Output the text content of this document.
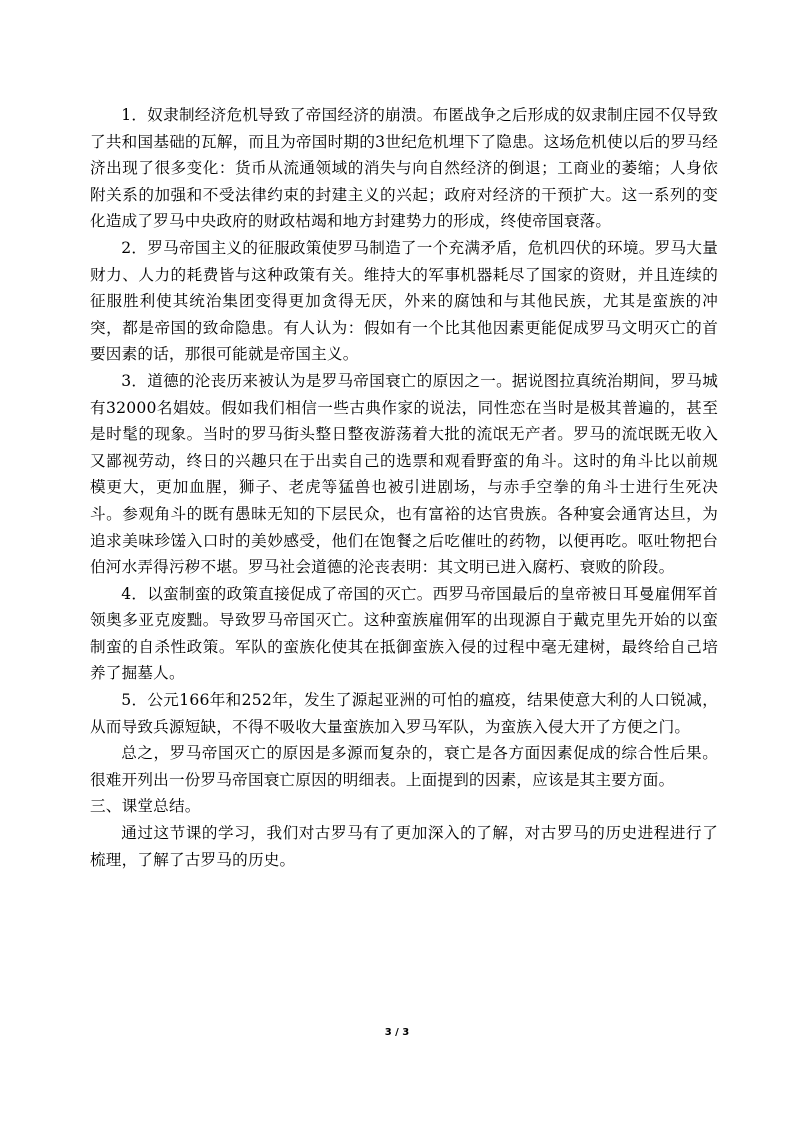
1．奴隶制经济危机导致了帝国经济的崩溃。布匿战争之后形成的奴隶制庄园不仅导致了共和国基础的瓦解，而且为帝国时期的3世纪危机埋下了隐患。这场危机使以后的罗马经济出现了很多变化：货币从流通领域的消失与向自然经济的倒退；工商业的萎缩；人身依附关系的加强和不受法律约束的封建主义的兴起；政府对经济的干预扩大。这一系列的变化造成了罗马中央政府的财政枯竭和地方封建势力的形成，终使帝国衰落。

2．罗马帝国主义的征服政策使罗马制造了一个充满矛盾，危机四伏的环境。罗马大量财力、人力的耗费皆与这种政策有关。维持大的军事机器耗尽了国家的资财，并且连续的征服胜利使其统治集团变得更加贪得无厌，外来的腐蚀和与其他民族，尤其是蛮族的冲突，都是帝国的致命隐患。有人认为：假如有一个比其他因素更能促成罗马文明灭亡的首要因素的话，那很可能就是帝国主义。

3．道德的沦丧历来被认为是罗马帝国衰亡的原因之一。据说图拉真统治期间，罗马城有32000名娼妓。假如我们相信一些古典作家的说法，同性恋在当时是极其普遍的，甚至是时髦的现象。当时的罗马街头整日整夜游荡着大批的流氓无产者。罗马的流氓既无收入又鄙视劳动，终日的兴趣只在于出卖自己的选票和观看野蛮的角斗。这时的角斗比以前规模更大，更加血腥，狮子、老虎等猛兽也被引进剧场，与赤手空拳的角斗士进行生死决斗。参观角斗的既有愚昧无知的下层民众，也有富裕的达官贵族。各种宴会通宵达旦，为追求美味珍馐入口时的美妙感受，他们在饱餐之后吃催吐的药物，以便再吃。呕吐物把台伯河水弄得污秽不堪。罗马社会道德的沦丧表明：其文明已进入腐朽、衰败的阶段。

4．以蛮制蛮的政策直接促成了帝国的灭亡。西罗马帝国最后的皇帝被日耳曼雇佣军首领奥多亚克废黜。导致罗马帝国灭亡。这种蛮族雇佣军的出现源自于戴克里先开始的以蛮制蛮的自杀性政策。军队的蛮族化使其在抵御蛮族入侵的过程中毫无建树，最终给自己培养了掘墓人。

5．公元166年和252年，发生了源起亚洲的可怕的瘟疫，结果使意大利的人口锐减，从而导致兵源短缺，不得不吸收大量蛮族加入罗马军队，为蛮族入侵大开了方便之门。

总之，罗马帝国灭亡的原因是多源而复杂的，衰亡是各方面因素促成的综合性后果。很难开列出一份罗马帝国衰亡原因的明细表。上面提到的因素，应该是其主要方面。

三、课堂总结。

通过这节课的学习，我们对古罗马有了更加深入的了解，对古罗马的历史进程进行了梳理，了解了古罗马的历史。

3 / 3
